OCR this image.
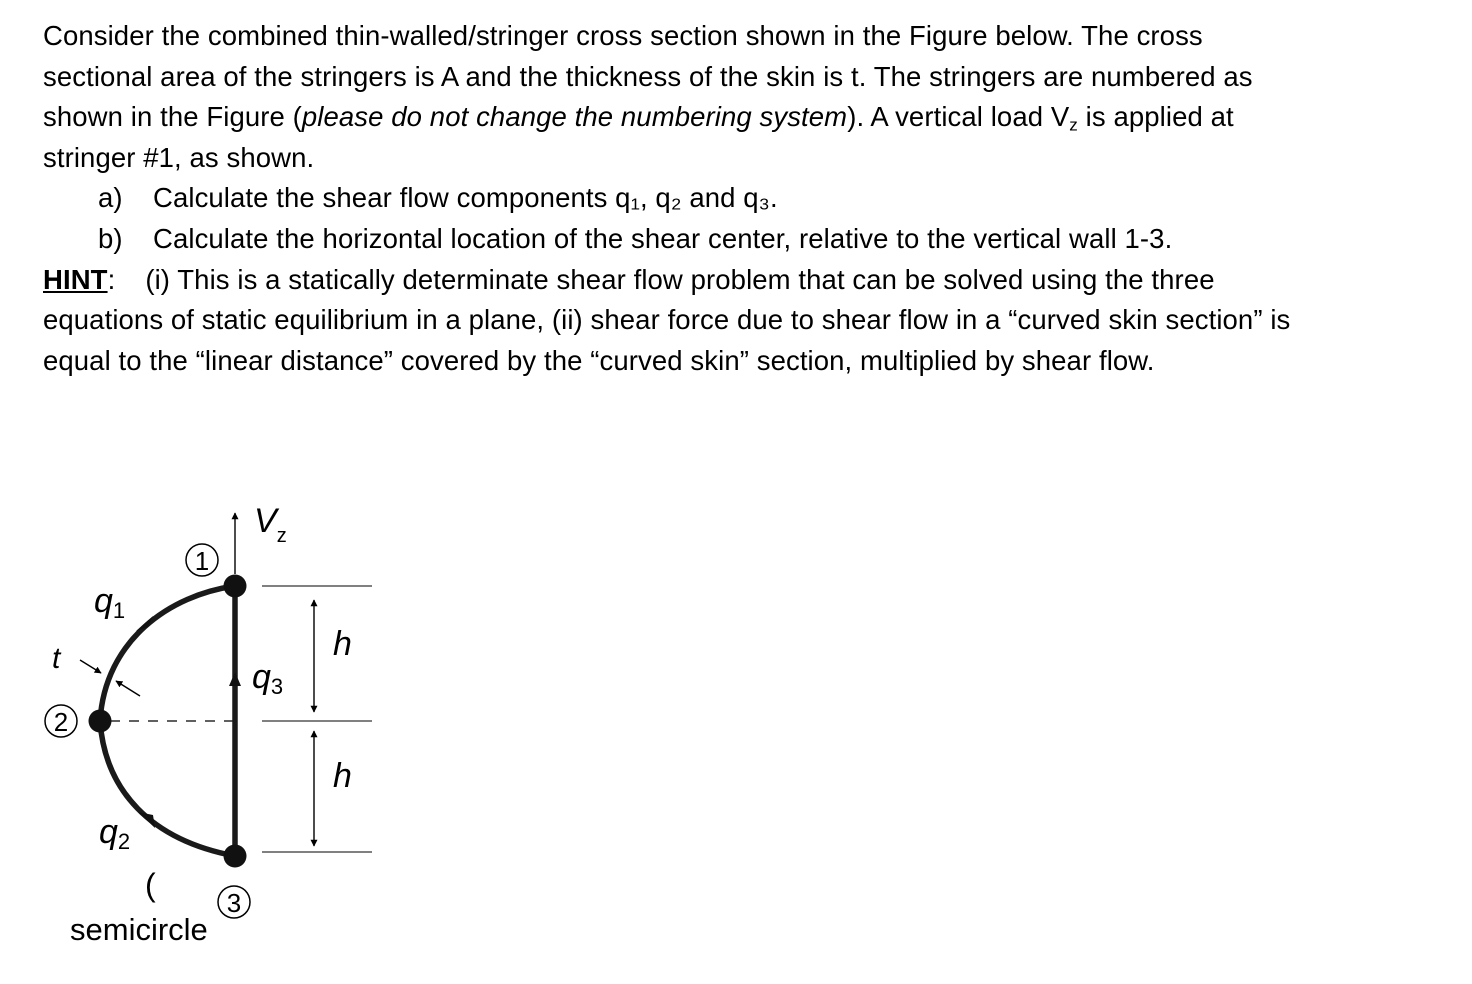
Consider the combined thin-walled/stringer cross section shown in the Figure below. The cross
sectional area of the stringers is A and the thickness of the skin is t. The stringers are numbered as
shown in the Figure (please do not change the numbering system). A vertical load $V_z$ is applied at
stringer #1, as shown.
a) Calculate the shear flow components q₁, q₂ and q₃.
b) Calculate the horizontal location of the shear center, relative to the vertical wall 1-3.
HINT: (i) This is a statically determinate shear flow problem that can be solved using the three
equations of static equilibrium in a plane, (ii) shear force due to shear flow in a “curved skin section” is
equal to the “linear distance” covered by the “curved skin” section, multiplied by shear flow.
$V_z$
1
2
3
q1
q3
q2
t	h
h
(
semicircle
